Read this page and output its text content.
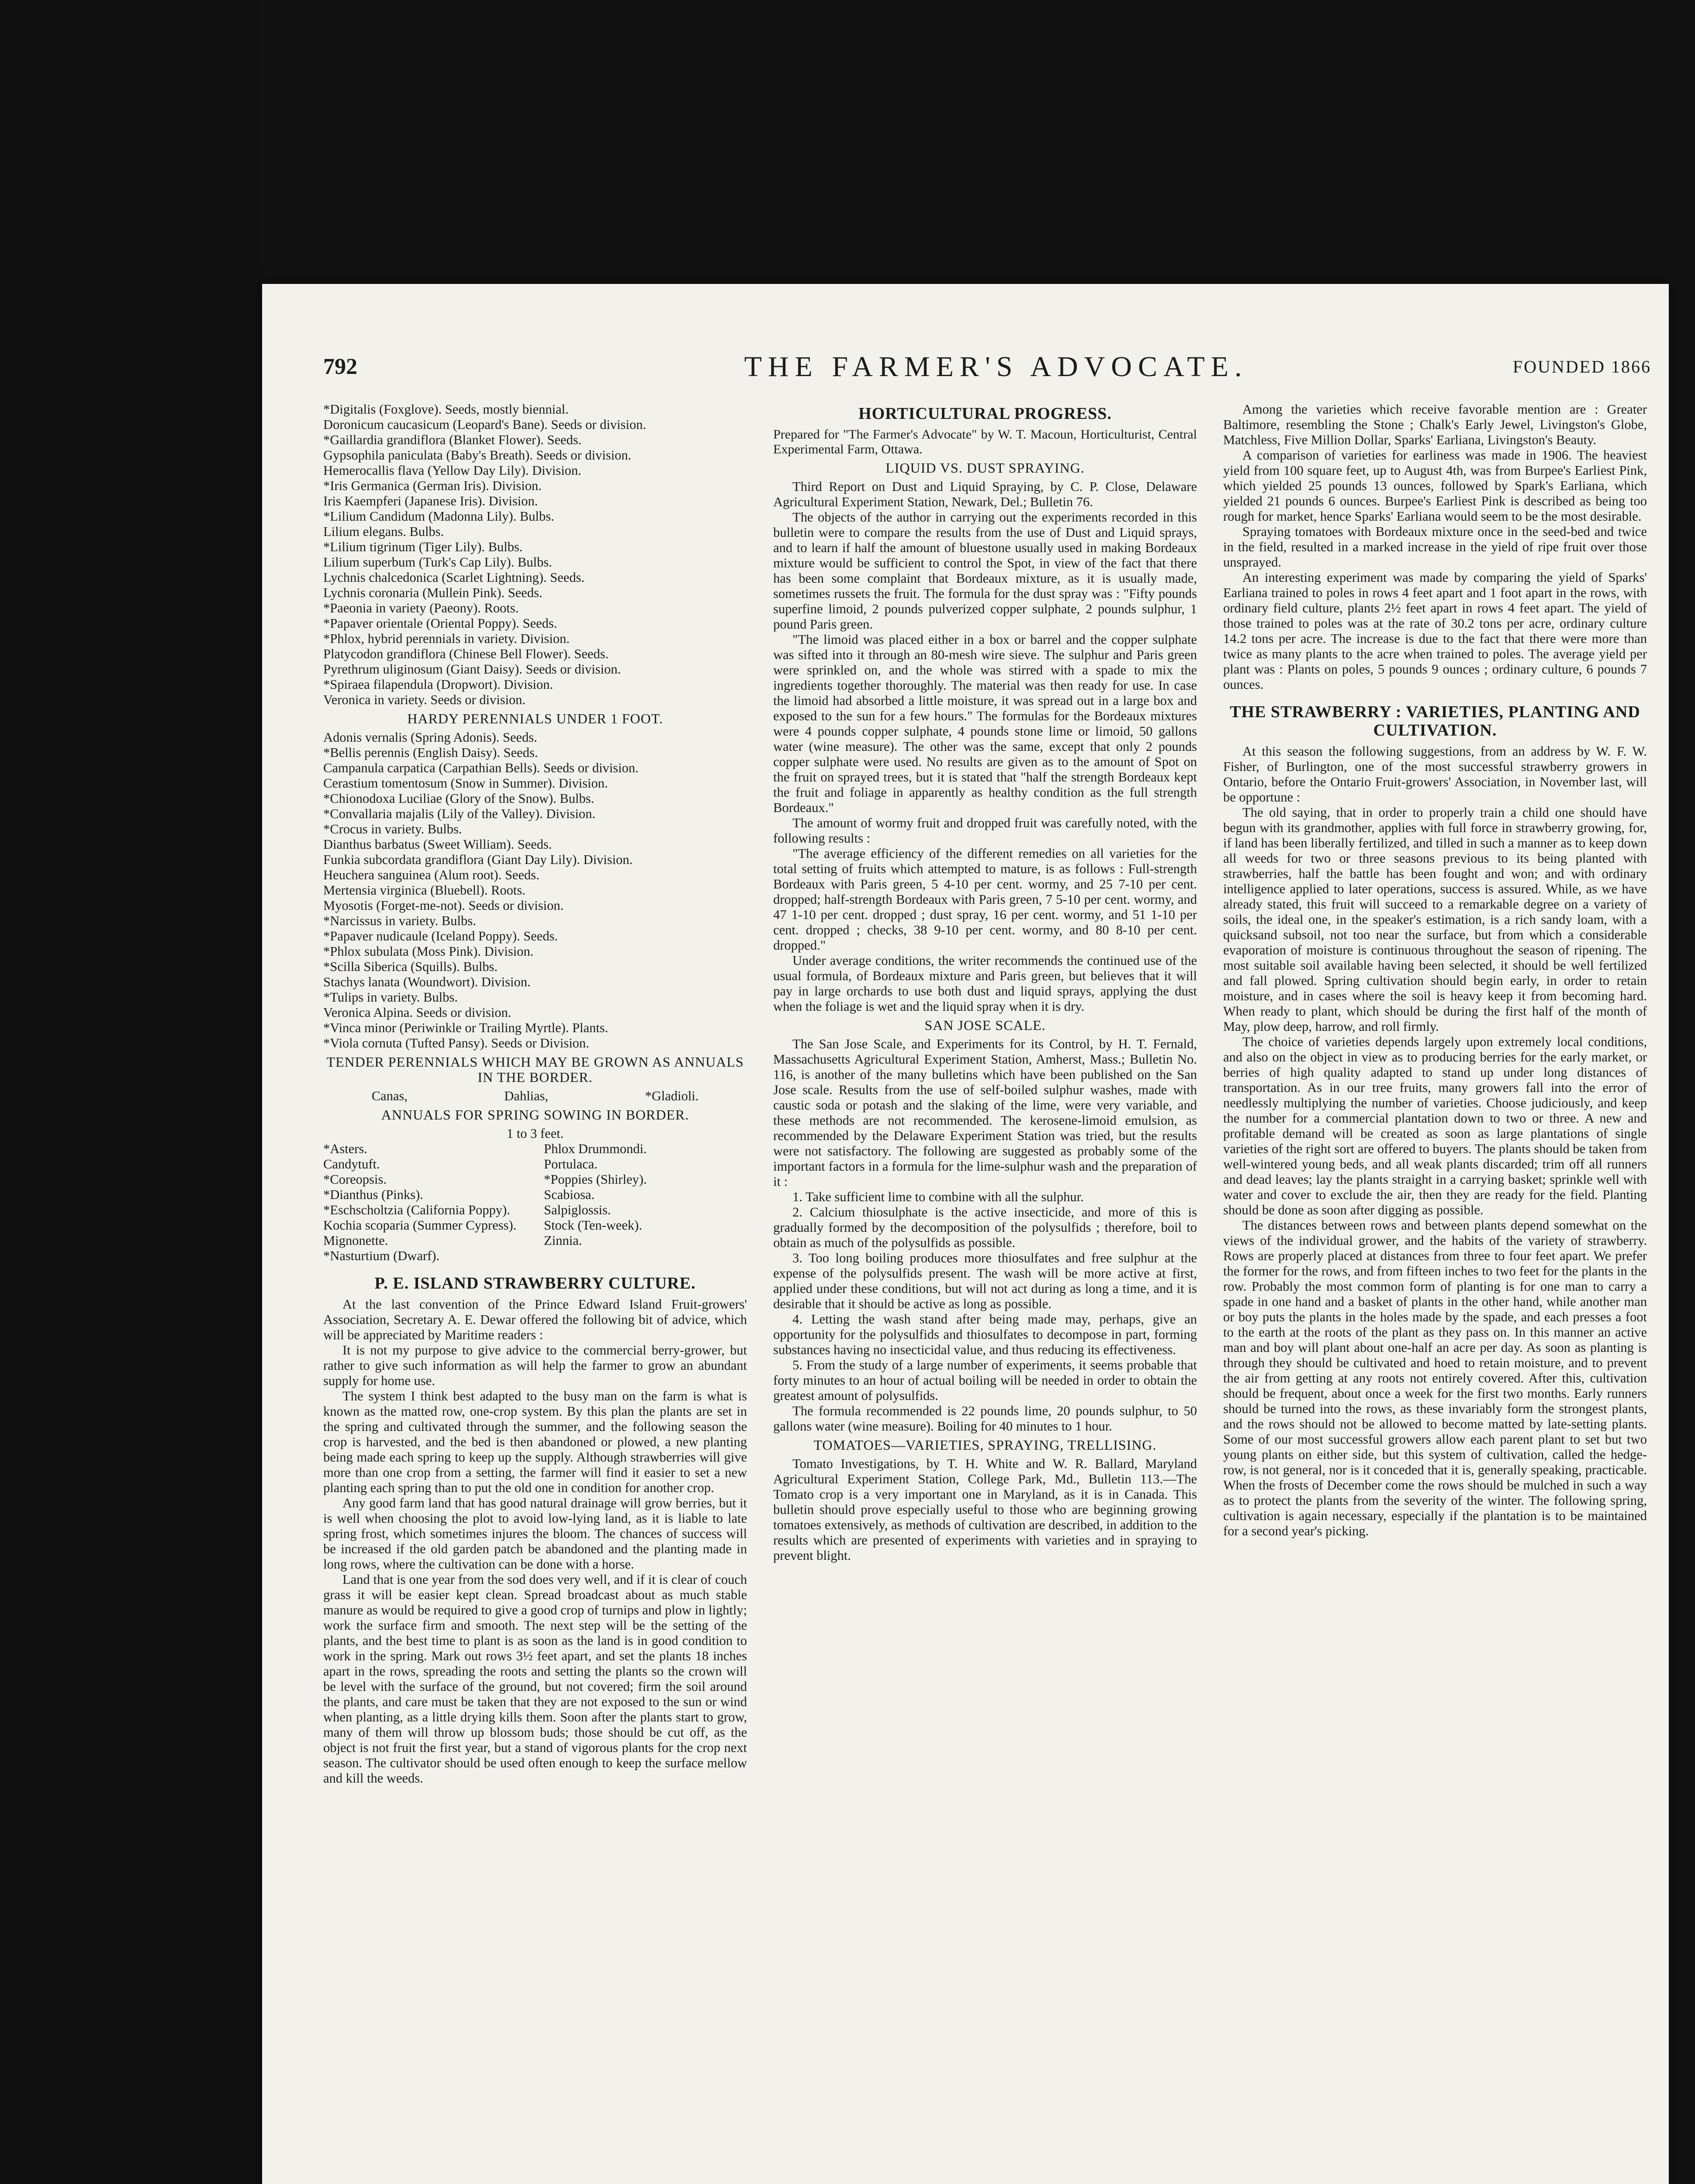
792	THE FARMER'S ADVOCATE.	FOUNDED 1866

*Digitalis (Foxglove). Seeds, mostly biennial.

Doronicum caucasicum (Leopard's Bane). Seeds or division.

*Gaillardia grandiflora (Blanket Flower). Seeds.

Gypsophila paniculata (Baby's Breath). Seeds or division.

Hemerocallis flava (Yellow Day Lily). Division.

*Iris Germanica (German Iris). Division.

Iris Kaempferi (Japanese Iris). Division.

*Lilium Candidum (Madonna Lily). Bulbs.

Lilium elegans. Bulbs.

*Lilium tigrinum (Tiger Lily). Bulbs.

Lilium superbum (Turk's Cap Lily). Bulbs.

Lychnis chalcedonica (Scarlet Lightning). Seeds.

Lychnis coronaria (Mullein Pink). Seeds.

*Paeonia in variety (Paeony). Roots.

*Papaver orientale (Oriental Poppy). Seeds.

*Phlox, hybrid perennials in variety. Division.

Platycodon grandiflora (Chinese Bell Flower). Seeds.

Pyrethrum uliginosum (Giant Daisy). Seeds or division.

*Spiraea filapendula (Dropwort). Division.

Veronica in variety. Seeds or division.

HARDY PERENNIALS UNDER 1 FOOT.

Adonis vernalis (Spring Adonis). Seeds.

*Bellis perennis (English Daisy). Seeds.

Campanula carpatica (Carpathian Bells). Seeds or division.

Cerastium tomentosum (Snow in Summer). Division.

*Chionodoxa Luciliae (Glory of the Snow). Bulbs.

*Convallaria majalis (Lily of the Valley). Division.

*Crocus in variety. Bulbs.

Dianthus barbatus (Sweet William). Seeds.

Funkia subcordata grandiflora (Giant Day Lily). Division.

Heuchera sanguinea (Alum root). Seeds.

Mertensia virginica (Bluebell). Roots.

Myosotis (Forget-me-not). Seeds or division.

*Narcissus in variety. Bulbs.

*Papaver nudicaule (Iceland Poppy). Seeds.

*Phlox subulata (Moss Pink). Division.

*Scilla Siberica (Squills). Bulbs.

Stachys lanata (Woundwort). Division.

*Tulips in variety. Bulbs.

Veronica Alpina. Seeds or division.

*Vinca minor (Periwinkle or Trailing Myrtle). Plants.

*Viola cornuta (Tufted Pansy). Seeds or Division.

TENDER PERENNIALS WHICH MAY BE GROWN AS ANNUALS IN THE BORDER.
Canas,	Dahlias,	*Gladioli.
ANNUALS FOR SPRING SOWING IN BORDER.

1 to 3 feet.

*Asters.

Candytuft.

*Coreopsis.

*Dianthus (Pinks).

*Eschscholtzia (California Poppy).

Kochia scoparia (Summer Cypress).

Mignonette.

*Nasturtium (Dwarf).

Phlox Drummondi.

Portulaca.

*Poppies (Shirley).

Scabiosa.

Salpiglossis.

Stock (Ten-week).

Zinnia.

P. E. ISLAND STRAWBERRY CULTURE.

At the last convention of the Prince Edward Island Fruit-growers' Association, Secretary A. E. Dewar offered the following bit of advice, which will be appreciated by Maritime readers :

It is not my purpose to give advice to the commercial berry-grower, but rather to give such information as will help the farmer to grow an abundant supply for home use.

The system I think best adapted to the busy man on the farm is what is known as the matted row, one-crop system. By this plan the plants are set in the spring and cultivated through the summer, and the following season the crop is harvested, and the bed is then abandoned or plowed, a new planting being made each spring to keep up the supply. Although strawberries will give more than one crop from a setting, the farmer will find it easier to set a new planting each spring than to put the old one in condition for another crop.

Any good farm land that has good natural drainage will grow berries, but it is well when choosing the plot to avoid low-lying land, as it is liable to late spring frost, which sometimes injures the bloom. The chances of success will be increased if the old garden patch be abandoned and the planting made in long rows, where the cultivation can be done with a horse.

Land that is one year from the sod does very well, and if it is clear of couch grass it will be easier kept clean. Spread broadcast about as much stable manure as would be required to give a good crop of turnips and plow in lightly; work the surface firm and smooth. The next step will be the setting of the plants, and the best time to plant is as soon as the land is in good condition to work in the spring. Mark out rows 3½ feet apart, and set the plants 18 inches apart in the rows, spreading the roots and setting the plants so the crown will be level with the surface of the ground, but not covered; firm the soil around the plants, and care must be taken that they are not exposed to the sun or wind when planting, as a little drying kills them. Soon after the plants start to grow, many of them will throw up blossom buds; those should be cut off, as the object is not fruit the first year, but a stand of vigorous plants for the crop next season. The cultivator should be used often enough to keep the surface mellow and kill the weeds.

HORTICULTURAL PROGRESS.

Prepared for "The Farmer's Advocate" by W. T. Macoun, Horticulturist, Central Experimental Farm, Ottawa.

LIQUID VS. DUST SPRAYING.

Third Report on Dust and Liquid Spraying, by C. P. Close, Delaware Agricultural Experiment Station, Newark, Del.; Bulletin 76.

The objects of the author in carrying out the experiments recorded in this bulletin were to compare the results from the use of Dust and Liquid sprays, and to learn if half the amount of bluestone usually used in making Bordeaux mixture would be sufficient to control the Spot, in view of the fact that there has been some complaint that Bordeaux mixture, as it is usually made, sometimes russets the fruit. The formula for the dust spray was : "Fifty pounds superfine limoid, 2 pounds pulverized copper sulphate, 2 pounds sulphur, 1 pound Paris green.

"The limoid was placed either in a box or barrel and the copper sulphate was sifted into it through an 80-mesh wire sieve. The sulphur and Paris green were sprinkled on, and the whole was stirred with a spade to mix the ingredients together thoroughly. The material was then ready for use. In case the limoid had absorbed a little moisture, it was spread out in a large box and exposed to the sun for a few hours." The formulas for the Bordeaux mixtures were 4 pounds copper sulphate, 4 pounds stone lime or limoid, 50 gallons water (wine measure). The other was the same, except that only 2 pounds copper sulphate were used. No results are given as to the amount of Spot on the fruit on sprayed trees, but it is stated that "half the strength Bordeaux kept the fruit and foliage in apparently as healthy condition as the full strength Bordeaux."

The amount of wormy fruit and dropped fruit was carefully noted, with the following results :

"The average efficiency of the different remedies on all varieties for the total setting of fruits which attempted to mature, is as follows : Full-strength Bordeaux with Paris green, 5 4-10 per cent. wormy, and 25 7-10 per cent. dropped; half-strength Bordeaux with Paris green, 7 5-10 per cent. wormy, and 47 1-10 per cent. dropped ; dust spray, 16 per cent. wormy, and 51 1-10 per cent. dropped ; checks, 38 9-10 per cent. wormy, and 80 8-10 per cent. dropped."

Under average conditions, the writer recommends the continued use of the usual formula, of Bordeaux mixture and Paris green, but believes that it will pay in large orchards to use both dust and liquid sprays, applying the dust when the foliage is wet and the liquid spray when it is dry.

SAN JOSE SCALE.

The San Jose Scale, and Experiments for its Control, by H. T. Fernald, Massachusetts Agricultural Experiment Station, Amherst, Mass.; Bulletin No. 116, is another of the many bulletins which have been published on the San Jose scale. Results from the use of self-boiled sulphur washes, made with caustic soda or potash and the slaking of the lime, were very variable, and these methods are not recommended. The kerosene-limoid emulsion, as recommended by the Delaware Experiment Station was tried, but the results were not satisfactory. The following are suggested as probably some of the important factors in a formula for the lime-sulphur wash and the preparation of it :

1. Take sufficient lime to combine with all the sulphur.

2. Calcium thiosulphate is the active insecticide, and more of this is gradually formed by the decomposition of the polysulfids ; therefore, boil to obtain as much of the polysulfids as possible.

3. Too long boiling produces more thiosulfates and free sulphur at the expense of the polysulfids present. The wash will be more active at first, applied under these conditions, but will not act during as long a time, and it is desirable that it should be active as long as possible.

4. Letting the wash stand after being made may, perhaps, give an opportunity for the polysulfids and thiosulfates to decompose in part, forming substances having no insecticidal value, and thus reducing its effectiveness.

5. From the study of a large number of experiments, it seems probable that forty minutes to an hour of actual boiling will be needed in order to obtain the greatest amount of polysulfids.

The formula recommended is 22 pounds lime, 20 pounds sulphur, to 50 gallons water (wine measure). Boiling for 40 minutes to 1 hour.

TOMATOES—VARIETIES, SPRAYING, TRELLISING.

Tomato Investigations, by T. H. White and W. R. Ballard, Maryland Agricultural Experiment Station, College Park, Md., Bulletin 113.—The Tomato crop is a very important one in Maryland, as it is in Canada. This bulletin should prove especially useful to those who are beginning growing tomatoes extensively, as methods of cultivation are described, in addition to the results which are presented of experiments with varieties and in spraying to prevent blight.

Among the varieties which receive favorable mention are : Greater Baltimore, resembling the Stone ; Chalk's Early Jewel, Livingston's Globe, Matchless, Five Million Dollar, Sparks' Earliana, Livingston's Beauty.

A comparison of varieties for earliness was made in 1906. The heaviest yield from 100 square feet, up to August 4th, was from Burpee's Earliest Pink, which yielded 25 pounds 13 ounces, followed by Spark's Earliana, which yielded 21 pounds 6 ounces. Burpee's Earliest Pink is described as being too rough for market, hence Sparks' Earliana would seem to be the most desirable.

Spraying tomatoes with Bordeaux mixture once in the seed-bed and twice in the field, resulted in a marked increase in the yield of ripe fruit over those unsprayed.

An interesting experiment was made by comparing the yield of Sparks' Earliana trained to poles in rows 4 feet apart and 1 foot apart in the rows, with ordinary field culture, plants 2½ feet apart in rows 4 feet apart. The yield of those trained to poles was at the rate of 30.2 tons per acre, ordinary culture 14.2 tons per acre. The increase is due to the fact that there were more than twice as many plants to the acre when trained to poles. The average yield per plant was : Plants on poles, 5 pounds 9 ounces ; ordinary culture, 6 pounds 7 ounces.

THE STRAWBERRY : VARIETIES, PLANTING AND CULTIVATION.

At this season the following suggestions, from an address by W. F. W. Fisher, of Burlington, one of the most successful strawberry growers in Ontario, before the Ontario Fruit-growers' Association, in November last, will be opportune :

The old saying, that in order to properly train a child one should have begun with its grandmother, applies with full force in strawberry growing, for, if land has been liberally fertilized, and tilled in such a manner as to keep down all weeds for two or three seasons previous to its being planted with strawberries, half the battle has been fought and won; and with ordinary intelligence applied to later operations, success is assured. While, as we have already stated, this fruit will succeed to a remarkable degree on a variety of soils, the ideal one, in the speaker's estimation, is a rich sandy loam, with a quicksand subsoil, not too near the surface, but from which a considerable evaporation of moisture is continuous throughout the season of ripening. The most suitable soil available having been selected, it should be well fertilized and fall plowed. Spring cultivation should begin early, in order to retain moisture, and in cases where the soil is heavy keep it from becoming hard. When ready to plant, which should be during the first half of the month of May, plow deep, harrow, and roll firmly.

The choice of varieties depends largely upon extremely local conditions, and also on the object in view as to producing berries for the early market, or berries of high quality adapted to stand up under long distances of transportation. As in our tree fruits, many growers fall into the error of needlessly multiplying the number of varieties. Choose judiciously, and keep the number for a commercial plantation down to two or three. A new and profitable demand will be created as soon as large plantations of single varieties of the right sort are offered to buyers. The plants should be taken from well-wintered young beds, and all weak plants discarded; trim off all runners and dead leaves; lay the plants straight in a carrying basket; sprinkle well with water and cover to exclude the air, then they are ready for the field. Planting should be done as soon after digging as possible.

The distances between rows and between plants depend somewhat on the views of the individual grower, and the habits of the variety of strawberry. Rows are properly placed at distances from three to four feet apart. We prefer the former for the rows, and from fifteen inches to two feet for the plants in the row. Probably the most common form of planting is for one man to carry a spade in one hand and a basket of plants in the other hand, while another man or boy puts the plants in the holes made by the spade, and each presses a foot to the earth at the roots of the plant as they pass on. In this manner an active man and boy will plant about one-half an acre per day. As soon as planting is through they should be cultivated and hoed to retain moisture, and to prevent the air from getting at any roots not entirely covered. After this, cultivation should be frequent, about once a week for the first two months. Early runners should be turned into the rows, as these invariably form the strongest plants, and the rows should not be allowed to become matted by late-setting plants. Some of our most successful growers allow each parent plant to set but two young plants on either side, but this system of cultivation, called the hedge-row, is not general, nor is it conceded that it is, generally speaking, practicable. When the frosts of December come the rows should be mulched in such a way as to protect the plants from the severity of the winter. The following spring, cultivation is again necessary, especially if the plantation is to be maintained for a second year's picking.
